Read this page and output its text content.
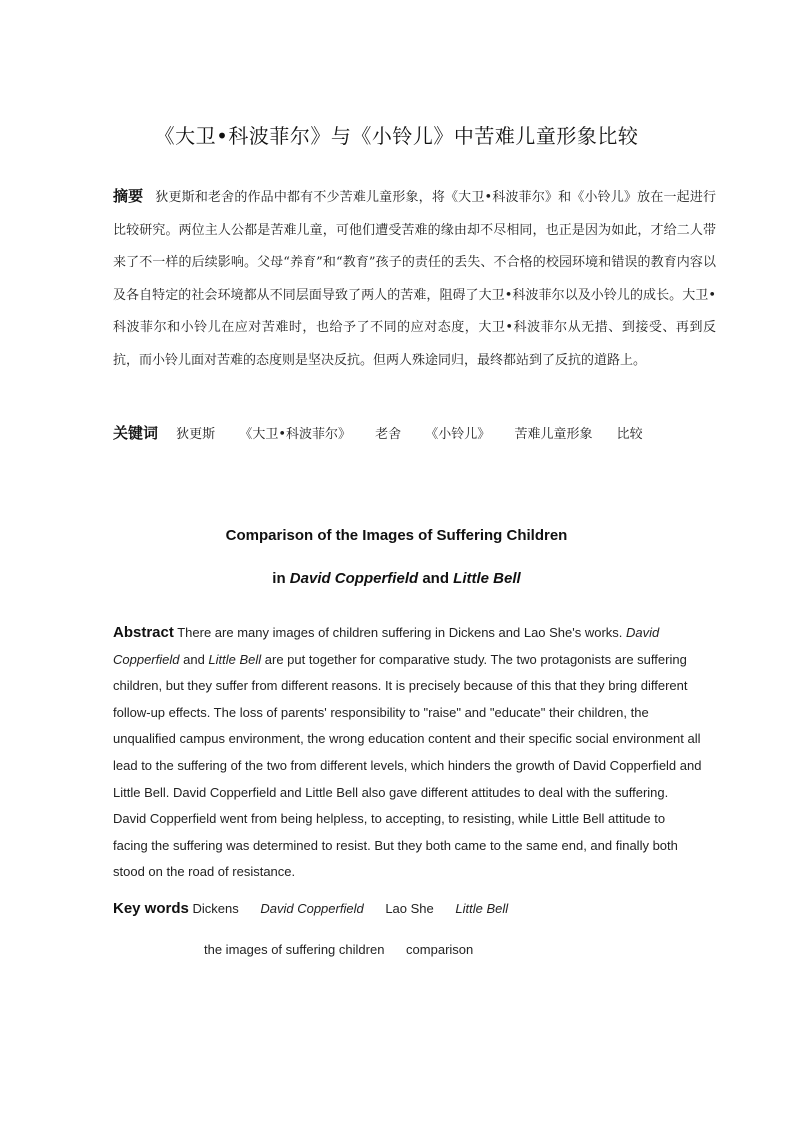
《大卫•科波菲尔》与《小铃儿》中苦难儿童形象比较
摘要 狄更斯和老舍的作品中都有不少苦难儿童形象，将《大卫•科波菲尔》和《小铃儿》放在一起进行比较研究。两位主人公都是苦难儿童，可他们遭受苦难的缘由却不尽相同，也正是因为如此，才给二人带来了不一样的后续影响。父母“养育”和“教育”孩子的责任的丢失、不合格的校园环境和错误的教育内容以及各自特定的社会环境都从不同层面导致了两人的苦难，阻碍了大卫•科波菲尔以及小铃儿的成长。大卫•科波菲尔和小铃儿在应对苦难时，也给予了不同的应对态度，大卫•科波菲尔从无措、到接受、再到反抗，而小铃儿面对苦难的态度则是坚决反抗。但两人殊途同归，最终都站到了反抗的道路上。
关键词 狄更斯 《大卫•科波菲尔》 老舍 《小铃儿》 苦难儿童形象 比较
Comparison of the Images of Suffering Children
in David Copperfield and Little Bell
Abstract There are many images of children suffering in Dickens and Lao She's works. David Copperfield and Little Bell are put together for comparative study. The two protagonists are suffering children, but they suffer from different reasons. It is precisely because of this that they bring different follow-up effects. The loss of parents' responsibility to "raise" and "educate" their children, the unqualified campus environment, the wrong education content and their specific social environment all lead to the suffering of the two from different levels, which hinders the growth of David Copperfield and Little Bell. David Copperfield and Little Bell also gave different attitudes to deal with the suffering. David Copperfield went from being helpless, to accepting, to resisting, while Little Bell attitude to facing the suffering was determined to resist. But they both came to the same end, and finally both stood on the road of resistance.
Key words Dickens David Copperfield Lao She Little Bell
the images of suffering children comparison
